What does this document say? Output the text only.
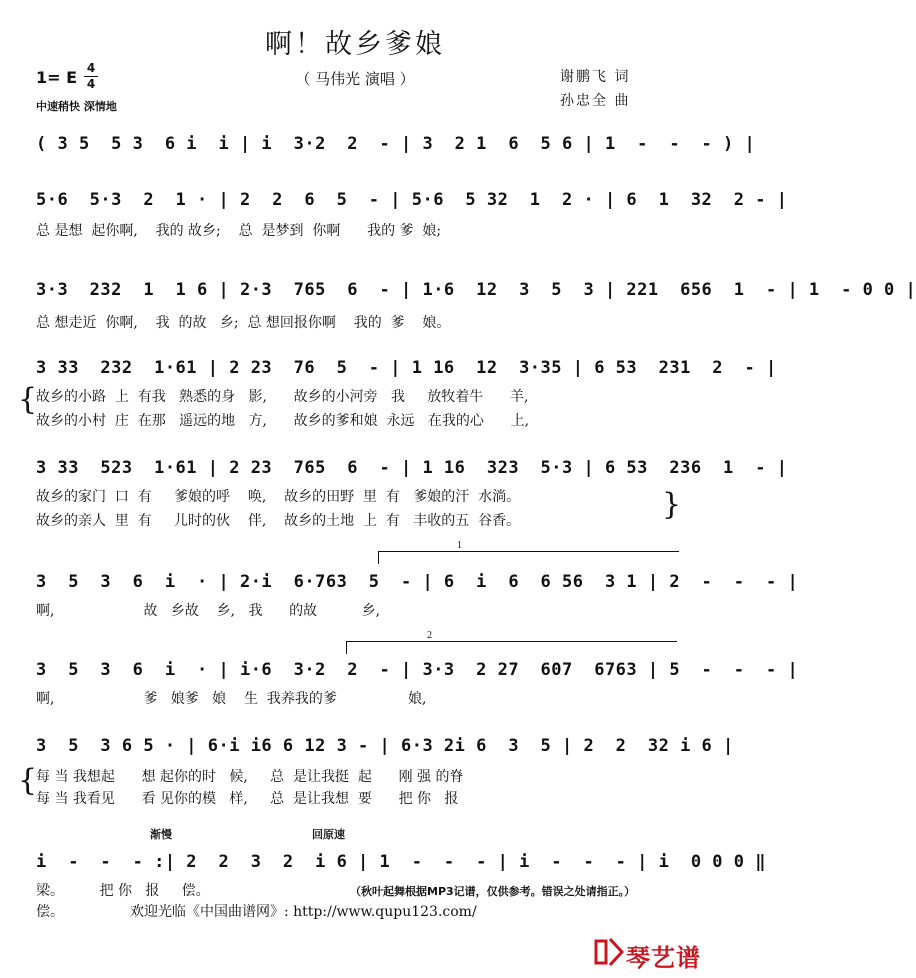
啊！故乡爹娘
（ 马伟光 演唱 ）	谢鹏飞 词
孙忠全 曲
1= E 4
4
中速稍快 深情地
( 3 5  5 3  6 i  i | i  3·2  2  - | 3  2 1  6  5 6 | 1  -  -  - ) |
5·6  5·3  2  1 · | 2  2  6  5  - | 5·6  5 32  1  2 · | 6  1  32  2 - |
总 是想  起你啊,    我的 故乡;    总  是梦到  你啊      我的 爹  娘;
3·3  232  1  1 6 | 2·3  765  6  - | 1·6  12  3  5  3 | 221  656  1  - | 1  - 0 0 |
总 想走近  你啊,    我  的故   乡;  总 想回报你啊    我的  爹    娘。
3 33  232  1·61 | 2 23  76  5  - | 1 16  12  3·35 | 6 53  231  2  - |
{
故乡的小路  上  有我   熟悉的身   影,      故乡的小河旁   我     放牧着牛      羊,
故乡的小村  庄  在那   遥远的地   方,      故乡的爹和娘  永远   在我的心      上,
3 33  523  1·61 | 2 23  765  6  - | 1 16  323  5·3 | 6 53  236  1  - |
故乡的家门  口  有     爹娘的呼    唤,    故乡的田野  里  有   爹娘的汗  水淌。
故乡的亲人  里  有     儿时的伙    伴,    故乡的土地  上  有   丰收的五  谷香。	}
1
3  5  3  6  i  · | 2·i  6·763  5  - | 6  i  6  6 56  3 1 | 2  -  -  - |
啊,                    故   乡故    乡,   我      的故          乡,
2
3  5  3  6  i  · | i·6  3·2  2  - | 3·3  2 27  607  6763 | 5  -  -  - |
啊,                    爹   娘爹   娘    生  我养我的爹                娘,
3  5  3 6 5 · | 6·i i6 6 12 3 - | 6·3 2i 6  3  5 | 2  2  32 i 6 |
{
每 当 我想起      想 起你的时   候,     总  是让我挺  起      刚 强 的脊
每 当 我看见      看 见你的模   样,     总  是让我想  要      把 你   报
渐慢	回原速
i  -  -  - :| 2  2  3  2  i 6 | 1  -  -  - | i  -  -  - | i  0 0 0 ‖
梁。        把 你   报     偿。	（秋叶起舞根据MP3记谱，仅供参考。错误之处请指正。）
偿。	欢迎光临《中国曲谱网》: http://www.qupu123.com/
琴艺谱
